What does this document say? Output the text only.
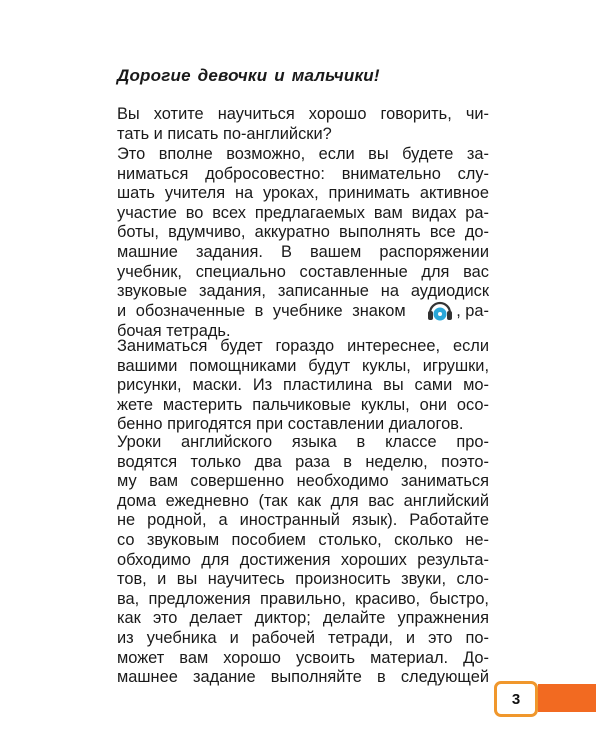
Дорогие девочки и мальчики!
Вы хотите научиться хорошо говорить, чи-
тать и писать по-английски?
Это вполне возможно, если вы будете за-
ниматься добросовестно: внимательно слу-
шать учителя на уроках, принимать активное
участие во всех предлагаемых вам видах ра-
боты, вдумчиво, аккуратно выполнять все до-
машние задания. В вашем распоряжении
учебник, специально составленные для вас
звуковые задания, записанные на аудиодиск
и обозначенные в учебнике знаком	, ра-
бочая тетрадь.
Заниматься будет гораздо интереснее, если
вашими помощниками будут куклы, игрушки,
рисунки, маски. Из пластилина вы сами мо-
жете мастерить пальчиковые куклы, они осо-
бенно пригодятся при составлении диалогов.
Уроки английского языка в классе про-
водятся только два раза в неделю, поэто-
му вам совершенно необходимо заниматься
дома ежедневно (так как для вас английский
не родной, а иностранный язык). Работайте
со звуковым пособием столько, сколько не-
обходимо для достижения хороших результа-
тов, и вы научитесь произносить звуки, сло-
ва, предложения правильно, красиво, быстро,
как это делает диктор; делайте упражнения
из учебника и рабочей тетради, и это по-
может вам хорошо усвоить материал. До-
машнее задание выполняйте в следующей
3
